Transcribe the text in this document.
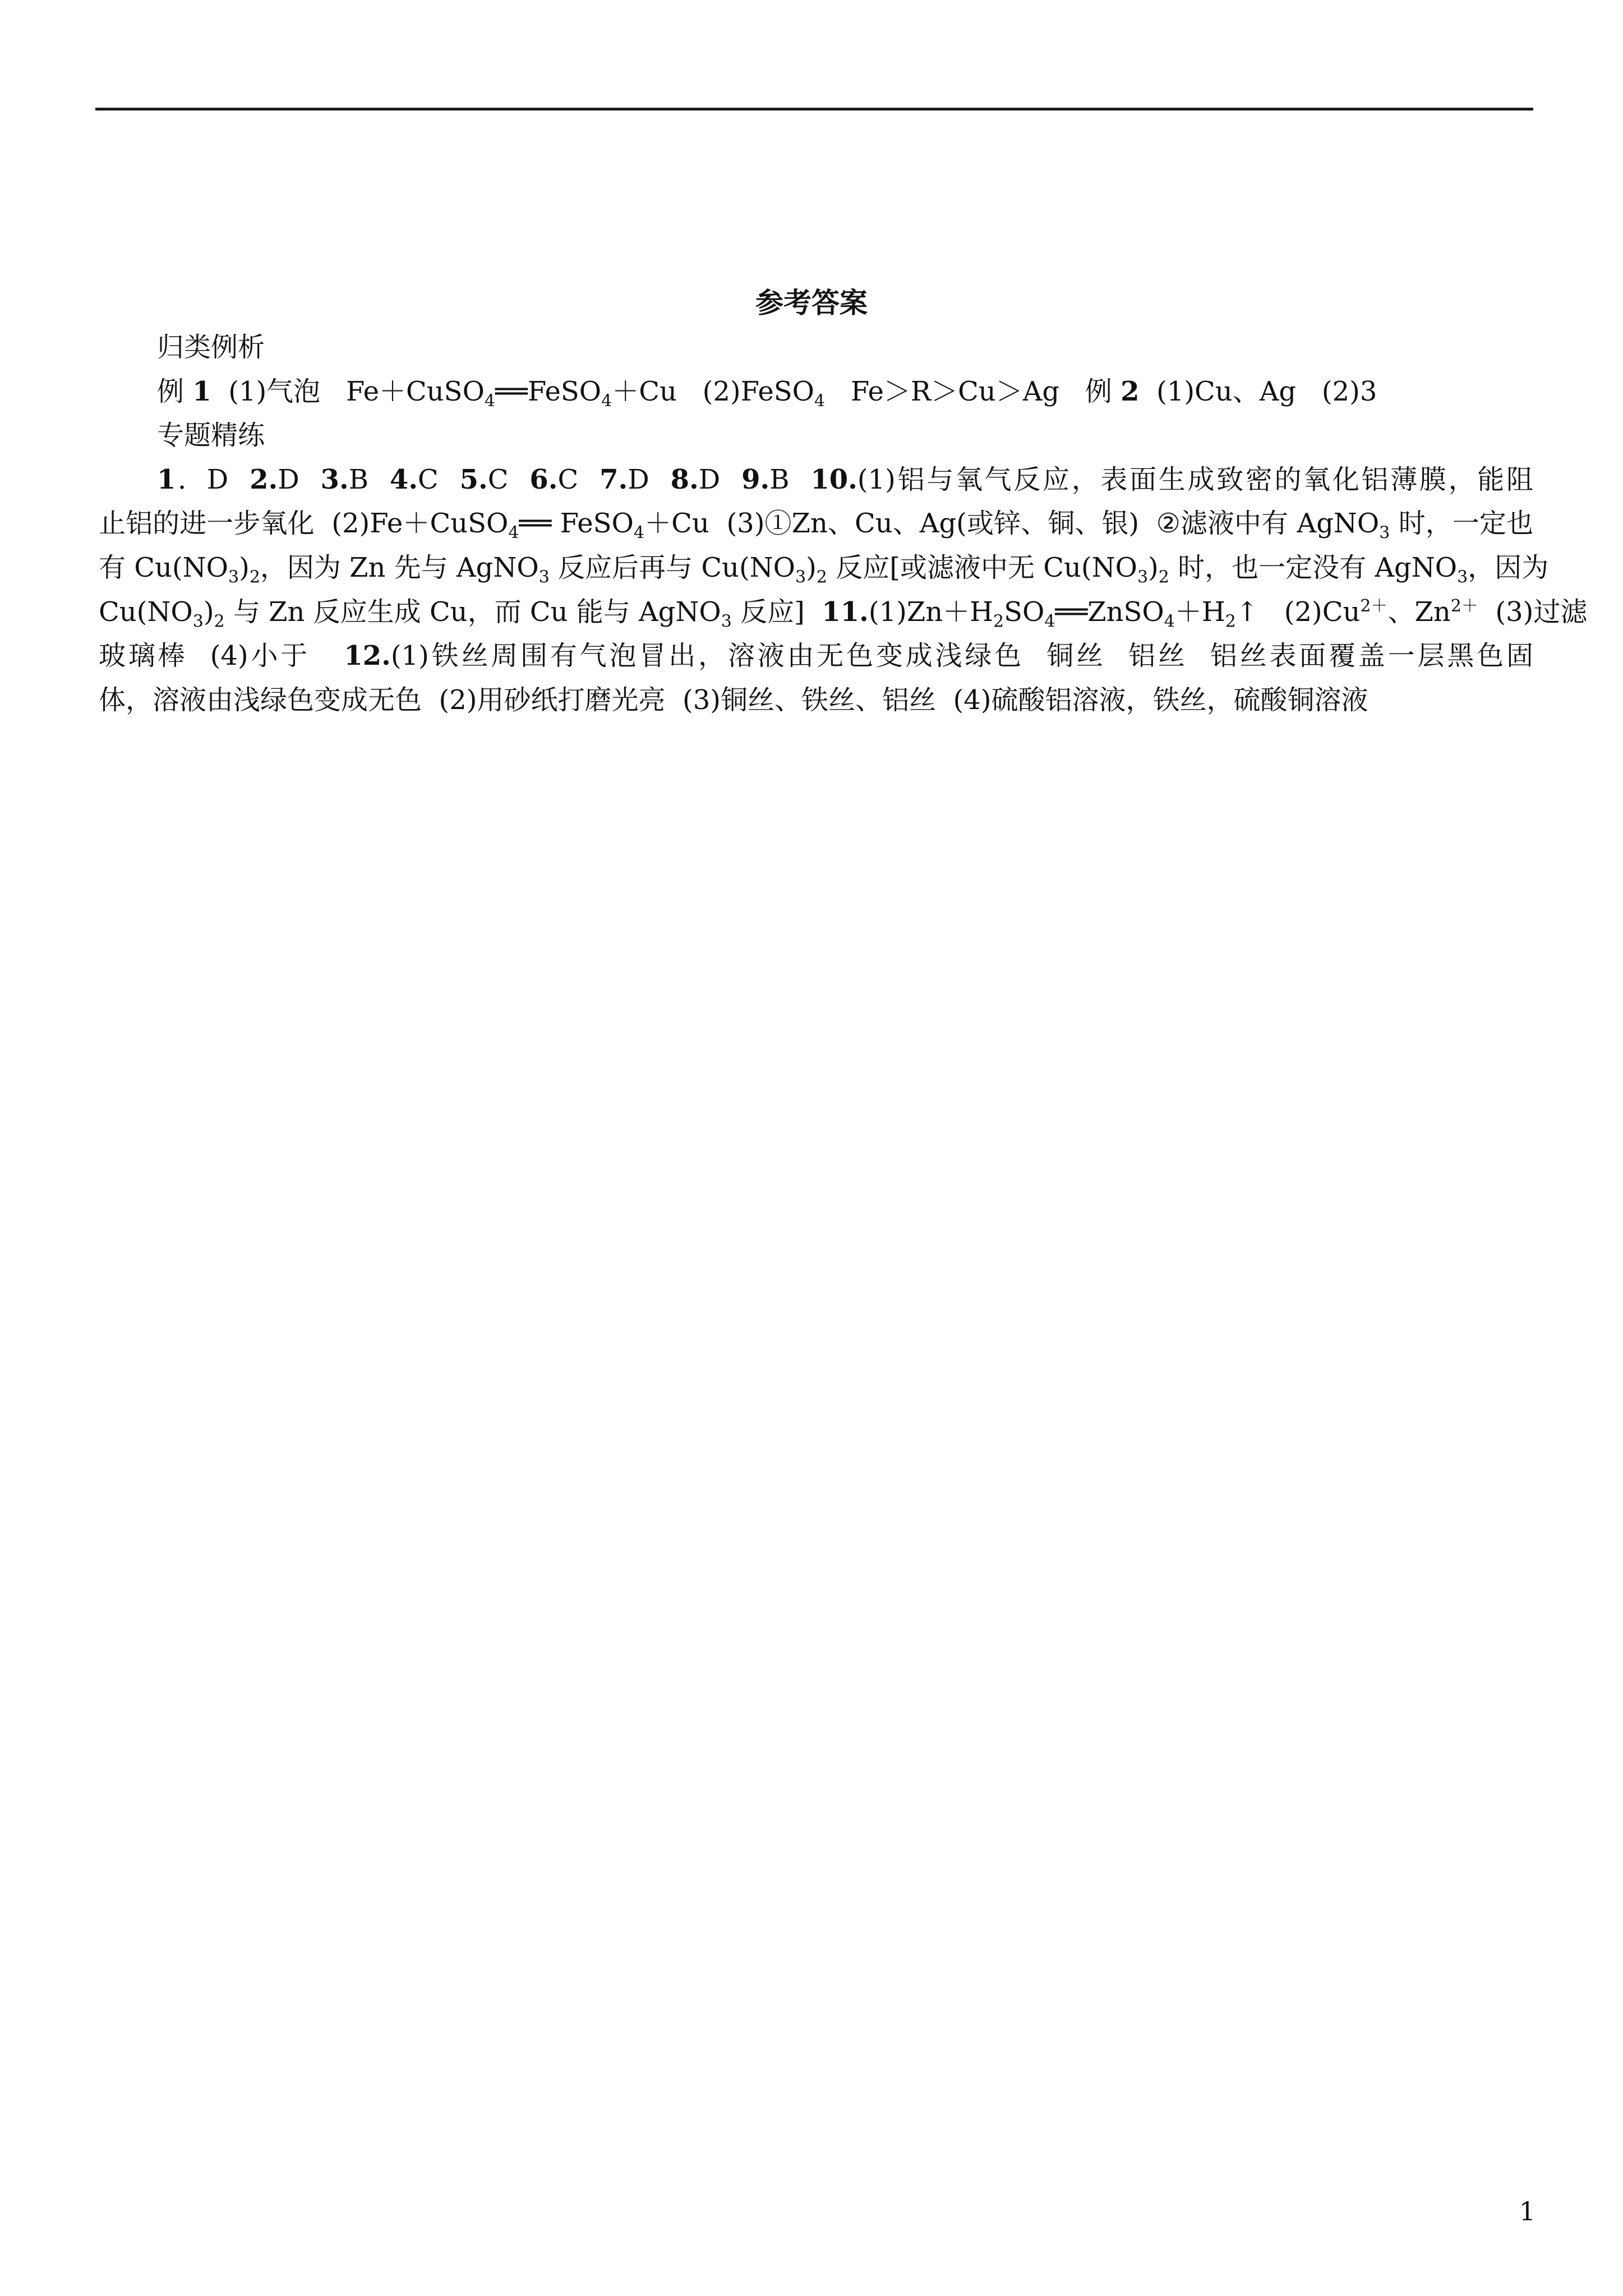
参考答案
归类例析
例 1  (1)气泡   Fe＋CuSO$_4$══FeSO$_4$＋Cu   (2)FeSO$_4$   Fe＞R＞Cu＞Ag   例 2  (1)Cu、Ag   (2)3
专题精练
1．D  2.D  3.B  4.C  5.C  6.C  7.D  8.D  9.B  10.(1)铝与氧气反应，表面生成致密的氧化铝薄膜，能阻
止铝的进一步氧化  (2)Fe＋CuSO$_4$══ FeSO$_4$＋Cu  (3)①Zn、Cu、Ag(或锌、铜、银)  ②滤液中有 AgNO$_3$ 时，一定也
有 $Cu(NO_3)_2$，因为 Zn 先与 AgNO$_3$ 反应后再与 $Cu(NO_3)_2$ 反应[或滤液中无 $Cu(NO_3)_2$ 时，也一定没有 AgNO$_3$，因为
$Cu(NO_3)_2$ 与 Zn 反应生成 Cu，而 Cu 能与 AgNO$_3$ 反应]  $11.(1)Zn+H_2SO_4══ZnSO_4+H_2↑$   $(2)Cu^{2+}$、$Zn^{2+}$  (3)过滤
玻璃棒  (4)小于   12.(1)铁丝周围有气泡冒出，溶液由无色变成浅绿色  铜丝  铝丝  铝丝表面覆盖一层黑色固
体，溶液由浅绿色变成无色  (2)用砂纸打磨光亮  (3)铜丝、铁丝、铝丝  (4)硫酸铝溶液，铁丝，硫酸铜溶液
1
